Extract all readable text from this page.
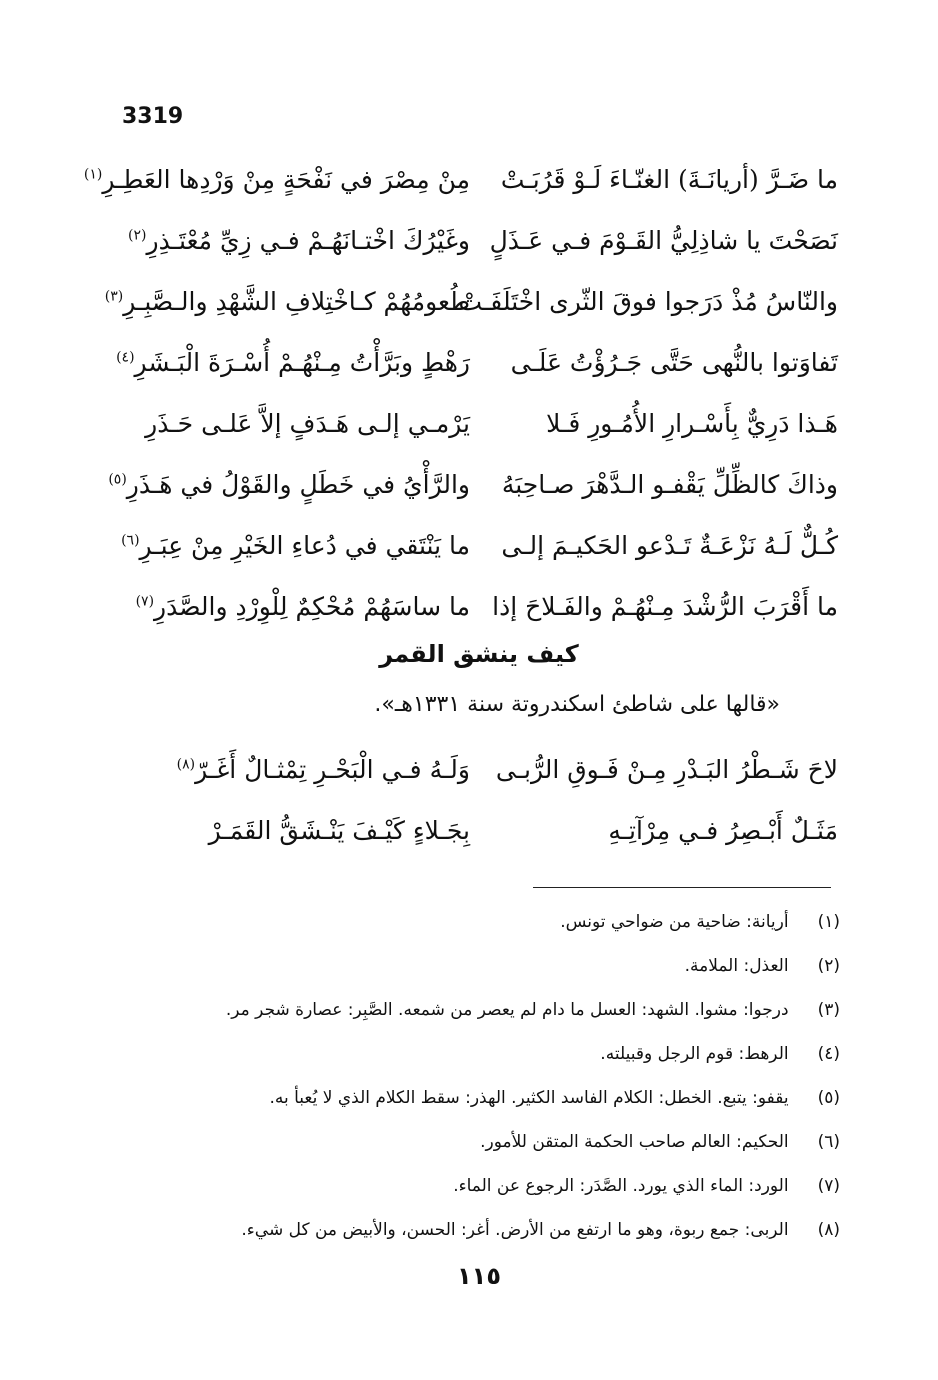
3319
ما ضَـرَّ (أريانَـةَ) الغنّـاءَ لَـوْ قَرُبَـتْ
مِنْ مِصْرَ في نَفْحَةٍ مِنْ وَرْدِها العَطِـرِ$^{(١)}$
نَصَحْتَ يا شاذِلِيُّ القَـوْمَ فـي عَـذَلٍ
وغَيْرُكَ اخْتـانَهُـمْ فـي زِيِّ مُعْتَـذِرِ$^{(٢)}$
والنّاسُ مُذْ دَرَجوا فوقَ الثّرى اخْتَلَفَـتْ
طُعومُهُمْ كـاخْتِلافِ الشَّهْدِ والـصَّبِـرِ$^{(٣)}$
تَفاوَتوا بالنُّهى حَتَّى جَـرُؤْتُ عَلَـى
رَهْطٍ وبَرَّأْتُ مِـنْهُـمْ أُسْـرَةَ الْبَـشَرِ$^{(٤)}$
هَـذا دَرِيٌّ بِأَسْـرارِ الأُمُـورِ فَـلا
يَرْمـي إلـى هَـدَفٍ إلاَّ عَلـى حَـذَرِ
وذاكَ كالظِّلِّ يَقْفـو الـدَّهْرَ صـاحِبَهُ
والرَّأْيُ في خَطَلٍ والقَوْلُ في هَـذَرِ$^{(٥)}$
كُـلٌّ لَـهُ نَزْعَـةٌ تَـدْعو الحَكيـمَ إلـى
ما يَنْتَقي في دُعاءِ الخَيْرِ مِنْ عِبَـرِ$^{(٦)}$
ما أَقْرَبَ الرُّشْدَ مِـنْهُـمْ والفَـلاحَ إذا
ما ساسَهُمْ مُحْكِمٌ لِلْوِرْدِ والصَّدَرِ$^{(٧)}$
كيف ينشق القمر
«قالها على شاطئ اسكندروتة سنة ١٣٣١هـ».
لاحَ شَـطْرُ البَـدْرِ مِـنْ فَـوقِ الرُّبـى
وَلَـهُ فـي الْبَحْـرِ تِمْثـالٌ أَغَـرّ$^{(٨)}$
مَثَـلٌ أَبْـصِرُ فـي مِرْآتِـهِ
بِجَـلاءٍ كَيْـفَ يَنْـشَقُّ القَمَـرْ
(١) أريانة: ضاحية من ضواحي تونس.
(٢) العذل: الملامة.
(٣) درجوا: مشوا. الشهد: العسل ما دام لم يعصر من شمعه. الصَّبِر: عصارة شجر مر.
(٤) الرهط: قوم الرجل وقبيلته.
(٥) يقفو: يتبع. الخطل: الكلام الفاسد الكثير. الهذر: سقط الكلام الذي لا يُعبأ به.
(٦) الحكيم: العالم صاحب الحكمة المتقن للأمور.
(٧) الورد: الماء الذي يورد. الصَّدَر: الرجوع عن الماء.
(٨) الربى: جمع ربوة، وهو ما ارتفع من الأرض. أغر: الحسن، والأبيض من كل شيء.
١١٥
